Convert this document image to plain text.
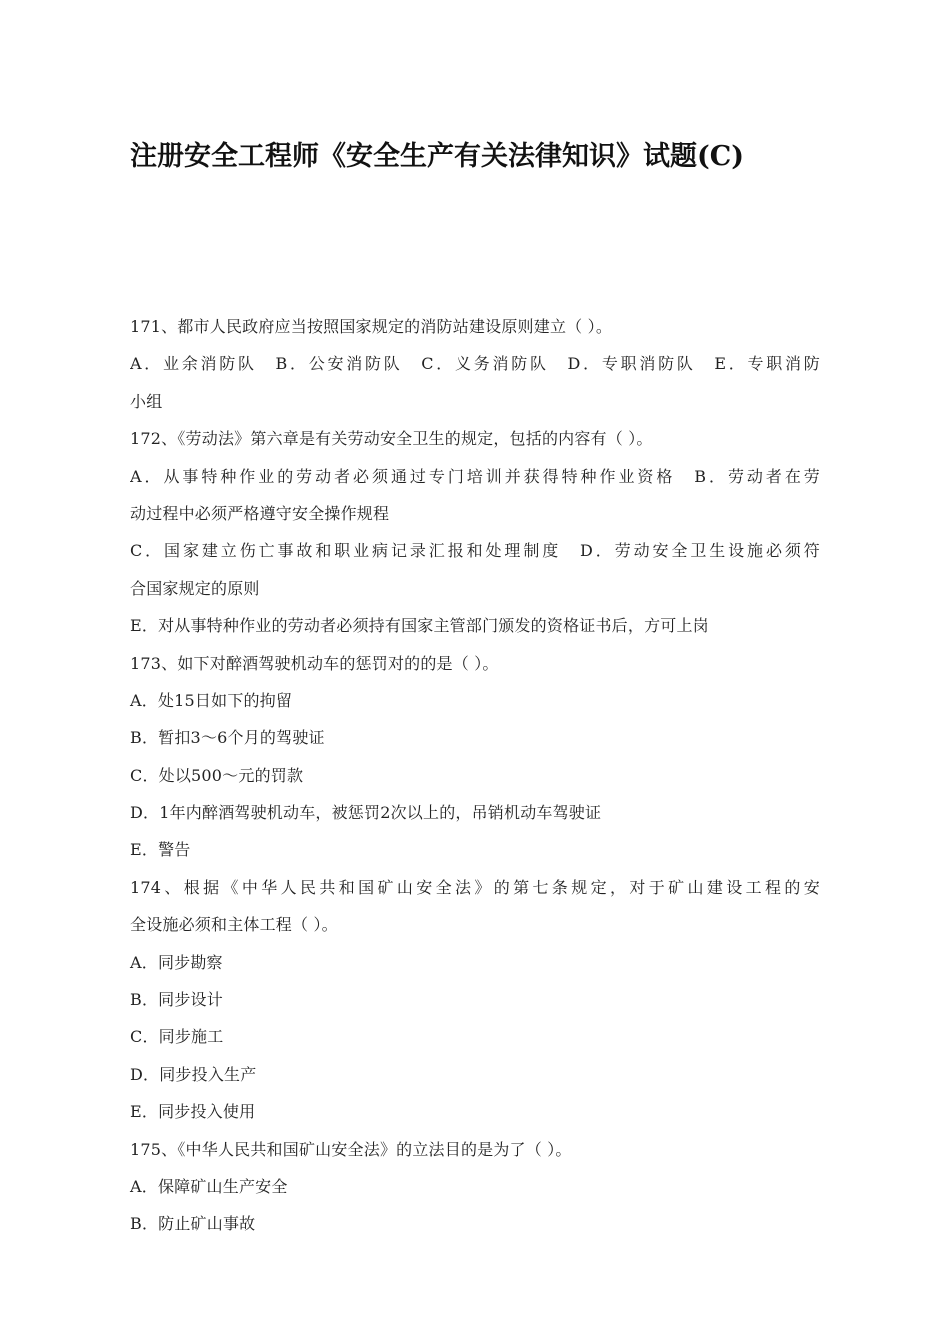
注册安全工程师《安全生产有关法律知识》试题(C)
171、都市人民政府应当按照国家规定的消防站建设原则建立（ ）。
A．业余消防队　B．公安消防队　C．义务消防队　D．专职消防队　E．专职消防
小组
172、《劳动法》第六章是有关劳动安全卫生的规定，包括的内容有（ ）。
A．从事特种作业的劳动者必须通过专门培训并获得特种作业资格　B．劳动者在劳
动过程中必须严格遵守安全操作规程
C．国家建立伤亡事故和职业病记录汇报和处理制度　D．劳动安全卫生设施必须符
合国家规定的原则
E．对从事特种作业的劳动者必须持有国家主管部门颁发的资格证书后，方可上岗
173、如下对醉酒驾驶机动车的惩罚对的的是（ ）。
A．处15日如下的拘留
B．暂扣3～6个月的驾驶证
C．处以500～元的罚款
D．1年内醉酒驾驶机动车，被惩罚2次以上的，吊销机动车驾驶证
E．警告
174、根据《中华人民共和国矿山安全法》的第七条规定，对于矿山建设工程的安
全设施必须和主体工程（ ）。
A．同步勘察
B．同步设计
C．同步施工
D．同步投入生产
E．同步投入使用
175、《中华人民共和国矿山安全法》的立法目的是为了（ ）。
A．保障矿山生产安全
B．防止矿山事故
